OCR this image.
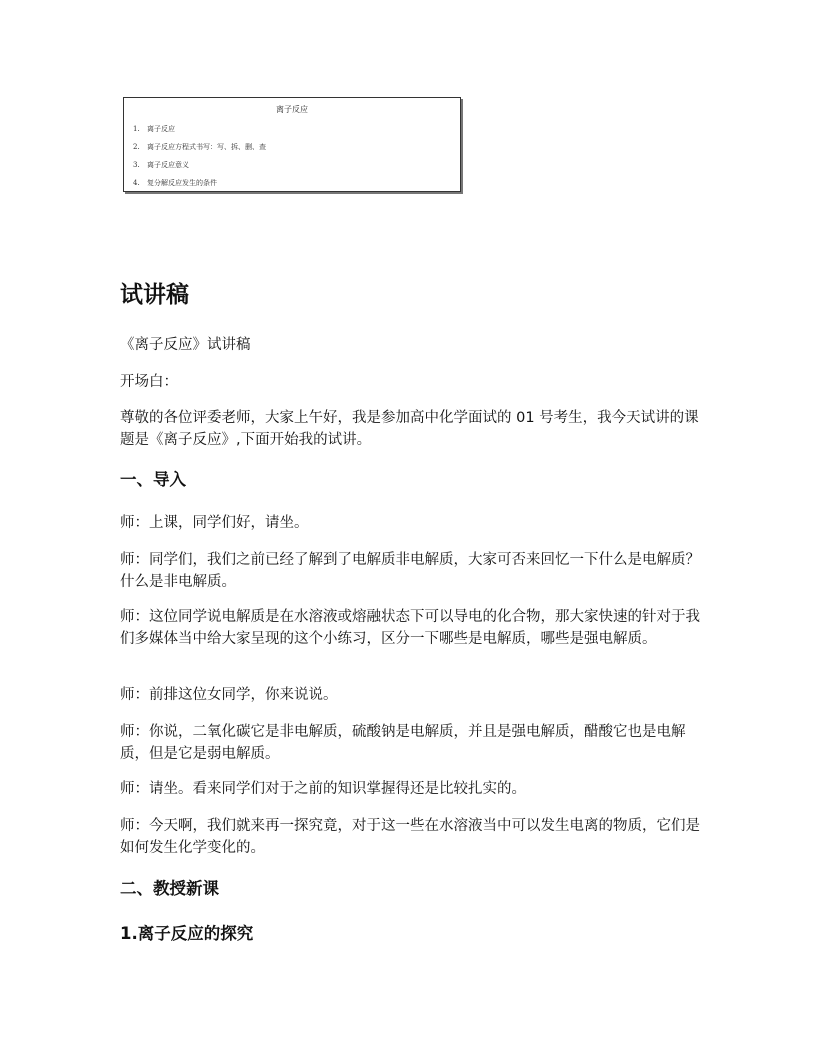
离子反应
1. 离子反应
2. 离子反应方程式书写：写、拆、删、查
3. 离子反应意义
4. 复分解反应发生的条件
试讲稿

《离子反应》试讲稿

开场白：

尊敬的各位评委老师，大家上午好，我是参加高中化学面试的 01 号考生，我今天试讲的课题是《离子反应》,下面开始我的试讲。

一、导入

师：上课，同学们好，请坐。

师：同学们，我们之前已经了解到了电解质非电解质，大家可否来回忆一下什么是电解质？什么是非电解质。

师：这位同学说电解质是在水溶液或熔融状态下可以导电的化合物，那大家快速的针对于我们多媒体当中给大家呈现的这个小练习，区分一下哪些是电解质，哪些是强电解质。

师：前排这位女同学，你来说说。

师：你说，二氧化碳它是非电解质，硫酸钠是电解质，并且是强电解质，醋酸它也是电解质，但是它是弱电解质。

师：请坐。看来同学们对于之前的知识掌握得还是比较扎实的。

师：今天啊，我们就来再一探究竟，对于这一些在水溶液当中可以发生电离的物质，它们是如何发生化学变化的。

二、教授新课
1.离子反应的探究
